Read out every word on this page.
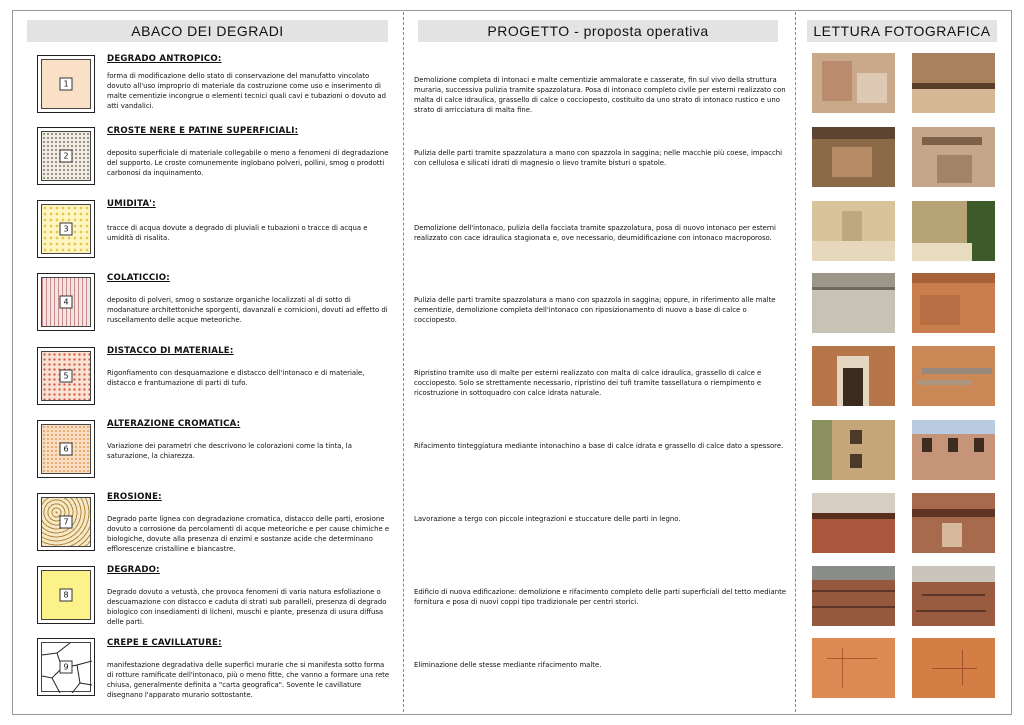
ABACO DEI DEGRADI	PROGETTO - proposta operativa	LETTURA FOTOGRAFICA
1
DEGRADO ANTROPICO:
forma di modificazione dello stato di conservazione del manufatto vincolato dovuto all'uso improprio di materiale da costruzione come uso e inserimento di malte cementizie incongrue o elementi tecnici quali cavi e tubazioni o dovuto ad atti vandalici.
Demolizione completa di intonaci e malte cementizie ammalorate e casserate, fin sul vivo della struttura muraria, successiva pulizia tramite spazzolatura. Posa di intonaco completo civile per esterni realizzato con malta di calce idraulica, grassello di calce o cocciopesto, costituito da uno strato di intonaco rustico e uno strato di arricciatura di malta fine.
2
CROSTE NERE E PATINE SUPERFICIALI:
deposito superficiale di materiale collegabile o meno a fenomeni di degradazione del supporto. Le croste comunemente inglobano polveri, pollini, smog o prodotti carbonosi da inquinamento.
Pulizia delle parti tramite spazzolatura a mano con spazzola in saggina; nelle macchie più coese, impacchi con cellulosa e silicati idrati di magnesio o lievo tramite bisturi o spatole.
3
UMIDITA':
tracce di acqua dovute a degrado di pluviali e tubazioni o tracce di acqua e umidità di risalita.
Demolizione dell'intonaco, pulizia della facciata tramite spazzolatura, posa di nuovo intonaco per esterni realizzato con cace idraulica stagionata e, ove necessario, deumidificazione con intonaco macroporoso.
4
COLATICCIO:
deposito di polveri, smog o sostanze organiche localizzati al di sotto di modanature architettoniche sporgenti, davanzali e cornicioni, dovuti ad effetto di ruscellamento delle acque meteoriche.
Pulizia delle parti tramite spazzolatura a mano con spazzola in saggina; oppure, in riferimento alle malte cementizie, demolizione completa dell'intonaco con riposizionamento di nuovo a base di calce o cocciopesto.
5
DISTACCO DI MATERIALE:
Rigonfiamento con desquamazione e distacco dell'intonaco e di materiale, distacco e frantumazione di parti di tufo.
Ripristino tramite uso di malte per esterni realizzato con malta di calce idraulica, grassello di calce e cocciopesto. Solo se strettamente necessario, ripristino dei tufi tramite tassellatura o riempimento e ricostruzione in sottoquadro con calce idrata naturale.
6
ALTERAZIONE CROMATICA:
Variazione dei parametri che descrivono le colorazioni come la tinta, la saturazione, la chiarezza.
Rifacimento tinteggiatura mediante intonachino a base di calce idrata e grassello di calce dato a spessore.
7
EROSIONE:
Degrado parte lignea con degradazione cromatica, distacco delle parti, erosione dovuto a corrosione da percolamenti di acque meteoriche e per cause chimiche e biologiche, dovute alla presenza di enzimi e sostanze acide che determinano efflorescenze cristalline e biancastre.
Lavorazione a tergo con piccole integrazioni e stuccature delle parti in legno.
8
DEGRADO:
Degrado dovuto a vetustà, che provoca fenomeni di varia natura esfoliazione o descuamazione con distacco e caduta di strati sub paralleli, presenza di degrado biologico con insediamenti di licheni, muschi e piante, presenza di usura diffusa delle parti.
Edificio di nuova edificazione: demolizione e rifacimento completo delle parti superficiali del tetto mediante fornitura e posa di nuovi coppi tipo tradizionale per centri storici.
9
CREPE E CAVILLATURE:
manifestazione degradativa delle superfici murarie che si manifesta sotto forma di rotture ramificate dell'intonaco, più o meno fitte, che vanno a formare una rete chiusa, generalmente definita a "carta geografica". Sovente le cavillature disegnano l'apparato murario sottostante.
Eliminazione delle stesse mediante rifacimento malte.
